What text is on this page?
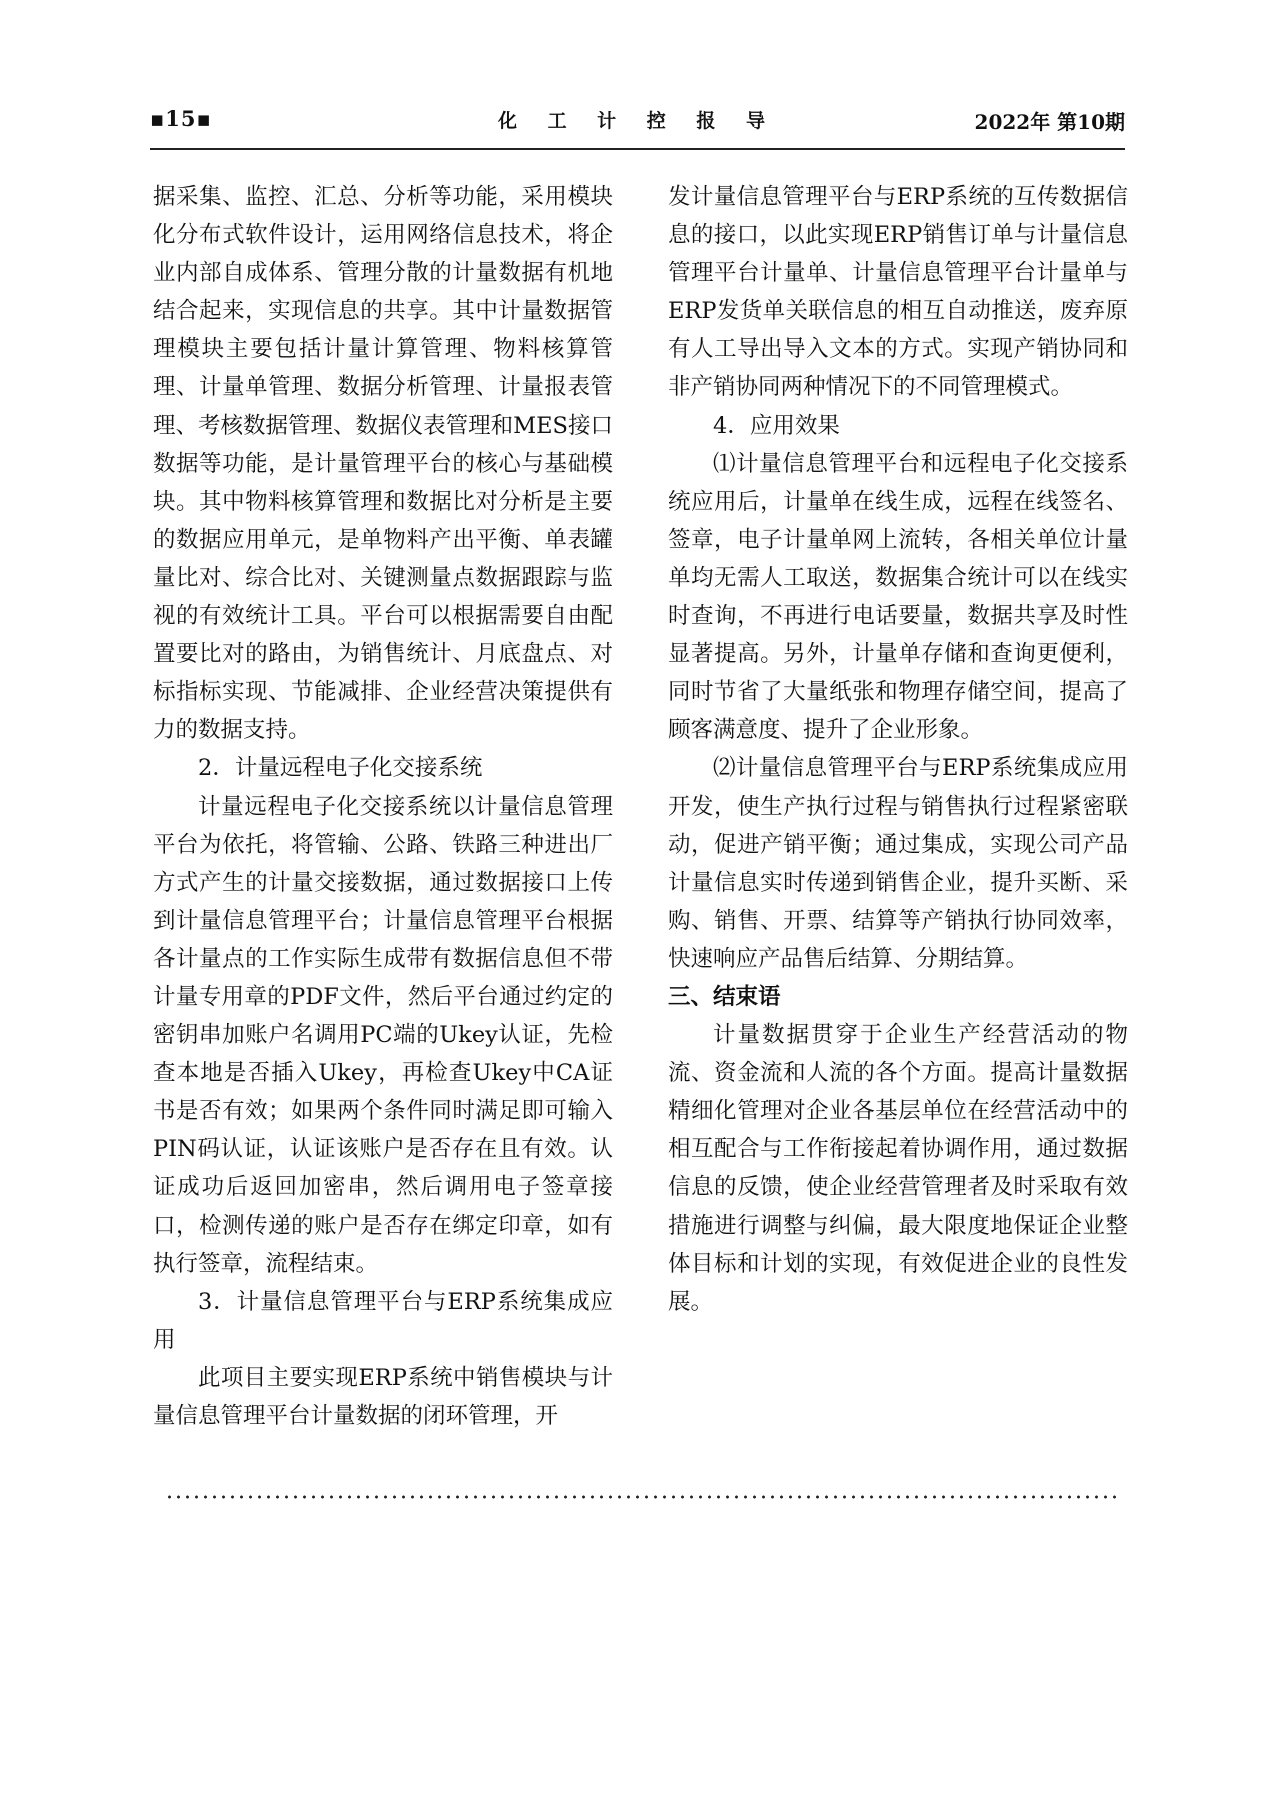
▪15▪	化 工 计 控 报 导	2022年 第10期

据采集、监控、汇总、分析等功能，采用模块化分布式软件设计，运用网络信息技术，将企业内部自成体系、管理分散的计量数据有机地结合起来，实现信息的共享。其中计量数据管理模块主要包括计量计算管理、物料核算管理、计量单管理、数据分析管理、计量报表管理、考核数据管理、数据仪表管理和MES接口数据等功能，是计量管理平台的核心与基础模块。其中物料核算管理和数据比对分析是主要的数据应用单元，是单物料产出平衡、单表罐量比对、综合比对、关键测量点数据跟踪与监视的有效统计工具。平台可以根据需要自由配置要比对的路由，为销售统计、月底盘点、对标指标实现、节能减排、企业经营决策提供有力的数据支持。

2．计量远程电子化交接系统

计量远程电子化交接系统以计量信息管理平台为依托，将管输、公路、铁路三种进出厂方式产生的计量交接数据，通过数据接口上传到计量信息管理平台；计量信息管理平台根据各计量点的工作实际生成带有数据信息但不带计量专用章的PDF文件，然后平台通过约定的密钥串加账户名调用PC端的Ukey认证，先检查本地是否插入Ukey，再检查Ukey中CA证书是否有效；如果两个条件同时满足即可输入PIN码认证，认证该账户是否存在且有效。认证成功后返回加密串，然后调用电子签章接口，检测传递的账户是否存在绑定印章，如有执行签章，流程结束。

3．计量信息管理平台与ERP系统集成应用

此项目主要实现ERP系统中销售模块与计量信息管理平台计量数据的闭环管理，开

发计量信息管理平台与ERP系统的互传数据信息的接口，以此实现ERP销售订单与计量信息管理平台计量单、计量信息管理平台计量单与ERP发货单关联信息的相互自动推送，废弃原有人工导出导入文本的方式。实现产销协同和非产销协同两种情况下的不同管理模式。

4．应用效果

⑴计量信息管理平台和远程电子化交接系统应用后，计量单在线生成，远程在线签名、签章，电子计量单网上流转，各相关单位计量单均无需人工取送，数据集合统计可以在线实时查询，不再进行电话要量，数据共享及时性显著提高。另外，计量单存储和查询更便利，同时节省了大量纸张和物理存储空间，提高了顾客满意度、提升了企业形象。

⑵计量信息管理平台与ERP系统集成应用开发，使生产执行过程与销售执行过程紧密联动，促进产销平衡；通过集成，实现公司产品计量信息实时传递到销售企业，提升买断、采购、销售、开票、结算等产销执行协同效率，快速响应产品售后结算、分期结算。

三、结束语

计量数据贯穿于企业生产经营活动的物流、资金流和人流的各个方面。提高计量数据精细化管理对企业各基层单位在经营活动中的相互配合与工作衔接起着协调作用，通过数据信息的反馈，使企业经营管理者及时采取有效措施进行调整与纠偏，最大限度地保证企业整体目标和计划的实现，有效促进企业的良性发展。
